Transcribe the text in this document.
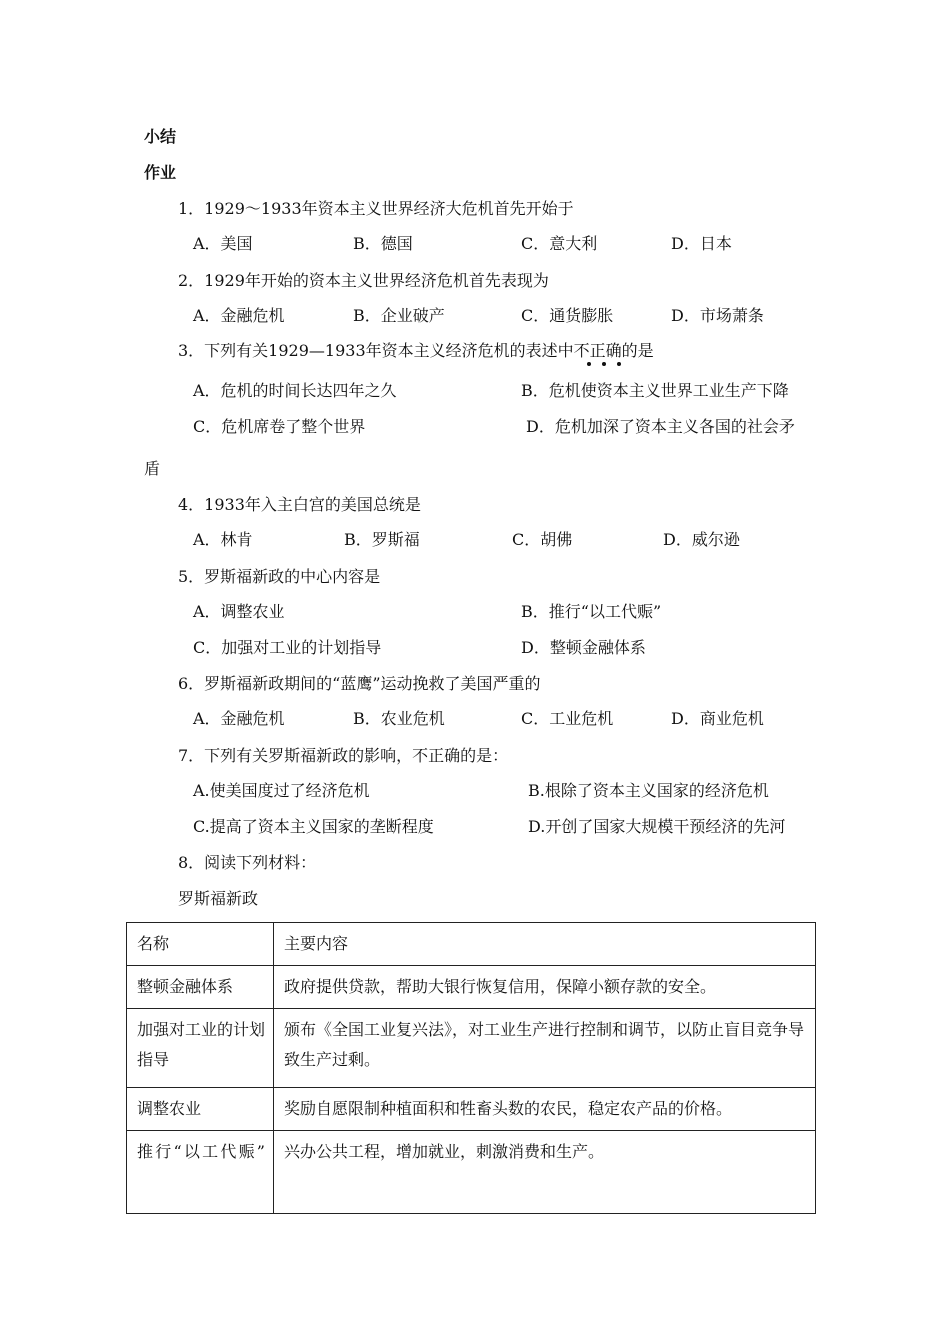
小结
作业
1．1929～1933年资本主义世界经济大危机首先开始于
A．美国	B．德国	C．意大利	D．日本
2．1929年开始的资本主义世界经济危机首先表现为
A．金融危机	B．企业破产	C．通货膨胀	D．市场萧条
3．下列有关1929—1933年资本主义经济危机的表述中不正确的是
A．危机的时间长达四年之久	B．危机使资本主义世界工业生产下降
C．危机席卷了整个世界	D．危机加深了资本主义各国的社会矛
盾
4．1933年入主白宫的美国总统是
A．林肯	B．罗斯福	C．胡佛	D．威尔逊
5．罗斯福新政的中心内容是
A．调整农业	B．推行“以工代赈”
C．加强对工业的计划指导	D．整顿金融体系
6．罗斯福新政期间的“蓝鹰”运动挽救了美国严重的
A．金融危机	B．农业危机	C．工业危机	D．商业危机
7．下列有关罗斯福新政的影响，不正确的是：
A.使美国度过了经济危机	B.根除了资本主义国家的经济危机
C.提高了资本主义国家的垄断程度	D.开创了国家大规模干预经济的先河
8．阅读下列材料：
罗斯福新政
名称	主要内容
整顿金融体系	政府提供贷款，帮助大银行恢复信用，保障小额存款的安全。
加强对工业的计划指导	颁布《全国工业复兴法》，对工业生产进行控制和调节，以防止盲目竞争导致生产过剩。
调整农业	奖励自愿限制种植面积和牲畜头数的农民，稳定农产品的价格。
推行“以工代赈”	兴办公共工程，增加就业，刺激消费和生产。
